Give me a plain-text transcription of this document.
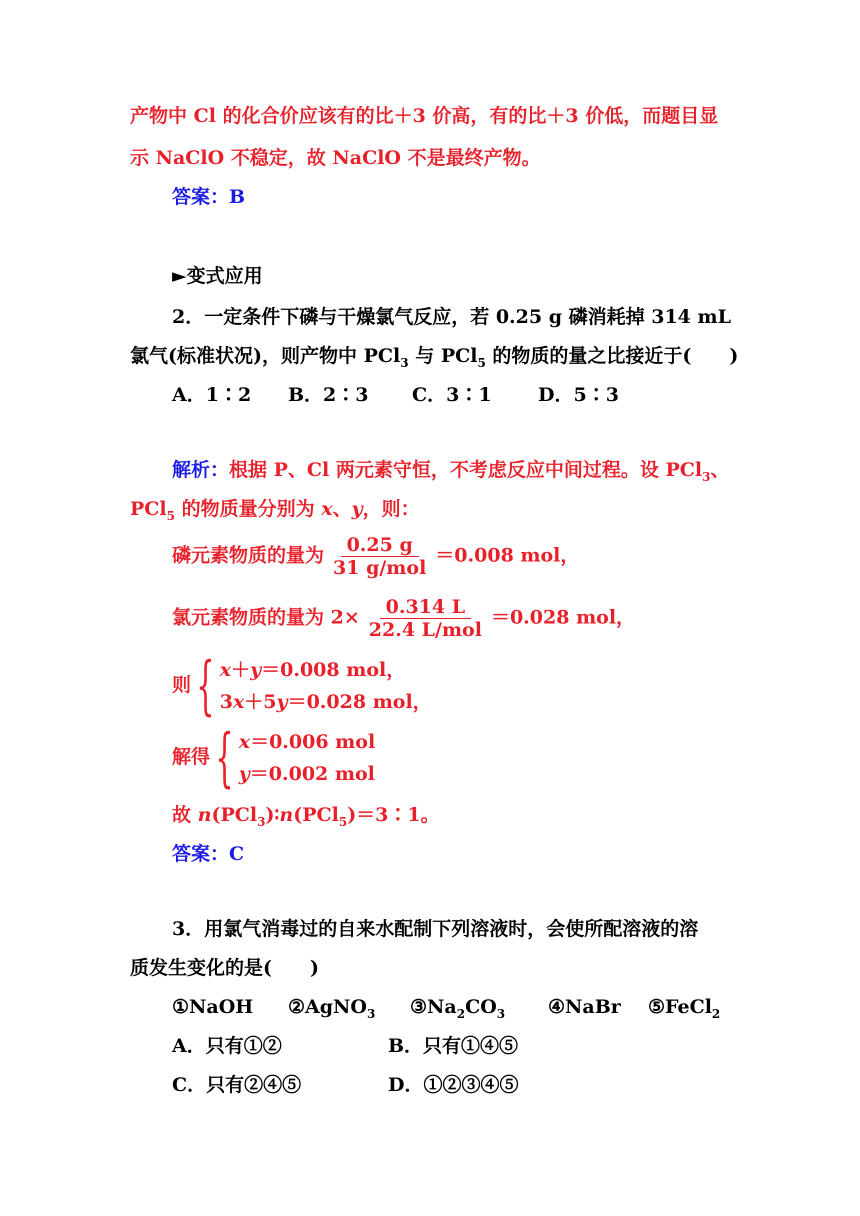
产物中 Cl 的化合价应该有的比＋3 价高，有的比＋3 价低，而题目显
示 NaClO 不稳定，故 NaClO 不是最终产物。
答案：B
►变式应用
2．一定条件下磷与干燥氯气反应，若 0.25 g 磷消耗掉 314 mL
氯气(标准状况)，则产物中 PCl$_3$ 与 PCl$_5$ 的物质的量之比接近于(　　)
A．1∶2 B．2∶3 C．3∶1 D．5∶3
解析：根据 P、Cl 两元素守恒，不考虑反应中间过程。设 PCl$_3$、
PCl$_5$ 的物质量分别为 x、y，则：
磷元素物质的量为 $\frac{0.25 g}{\text{31 g/mol}} =0.008$ mol，
氯元素物质的量为 $2\times \frac{0.314 L}{\text{22.4 L/mol}} =0.028$ mol，
则{ x＋y＝0.008 mol，
3x＋5y＝0.028 mol，
解得{ x＝0.006 mol
y＝0.002 mol
故 n(PCl$_3$)∶n(PCl$_5$)＝3∶1。
答案：C
3．用氯气消毒过的自来水配制下列溶液时，会使所配溶液的溶
质发生变化的是(　　)
①NaOH ②AgNO$_3$ $③Na_2CO_3$ ④NaBr ⑤FeCl$_2$
A．只有①②	B．只有①④⑤
C．只有②④⑤	D．①②③④⑤
